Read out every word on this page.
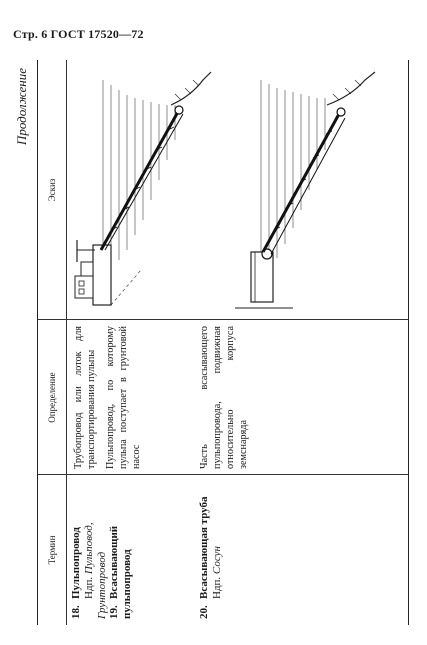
Стр. 6 ГОСТ 17520—72
Продолжение
Термин
Определение
Эскиз
18.Пульпопровод
Ндп. Пульповод, Грунтопровод 19.Всасывающий пульпопровод	20.Всасывающая труба
Ндп. Сосун
Трубопровод или лоток для транспортирования пульпы Пульпопровод, по которому пульпа поступает в грунтовой насос	Часть всасывающего пульпопровода, подвижная относительно корпуса земснаряда
